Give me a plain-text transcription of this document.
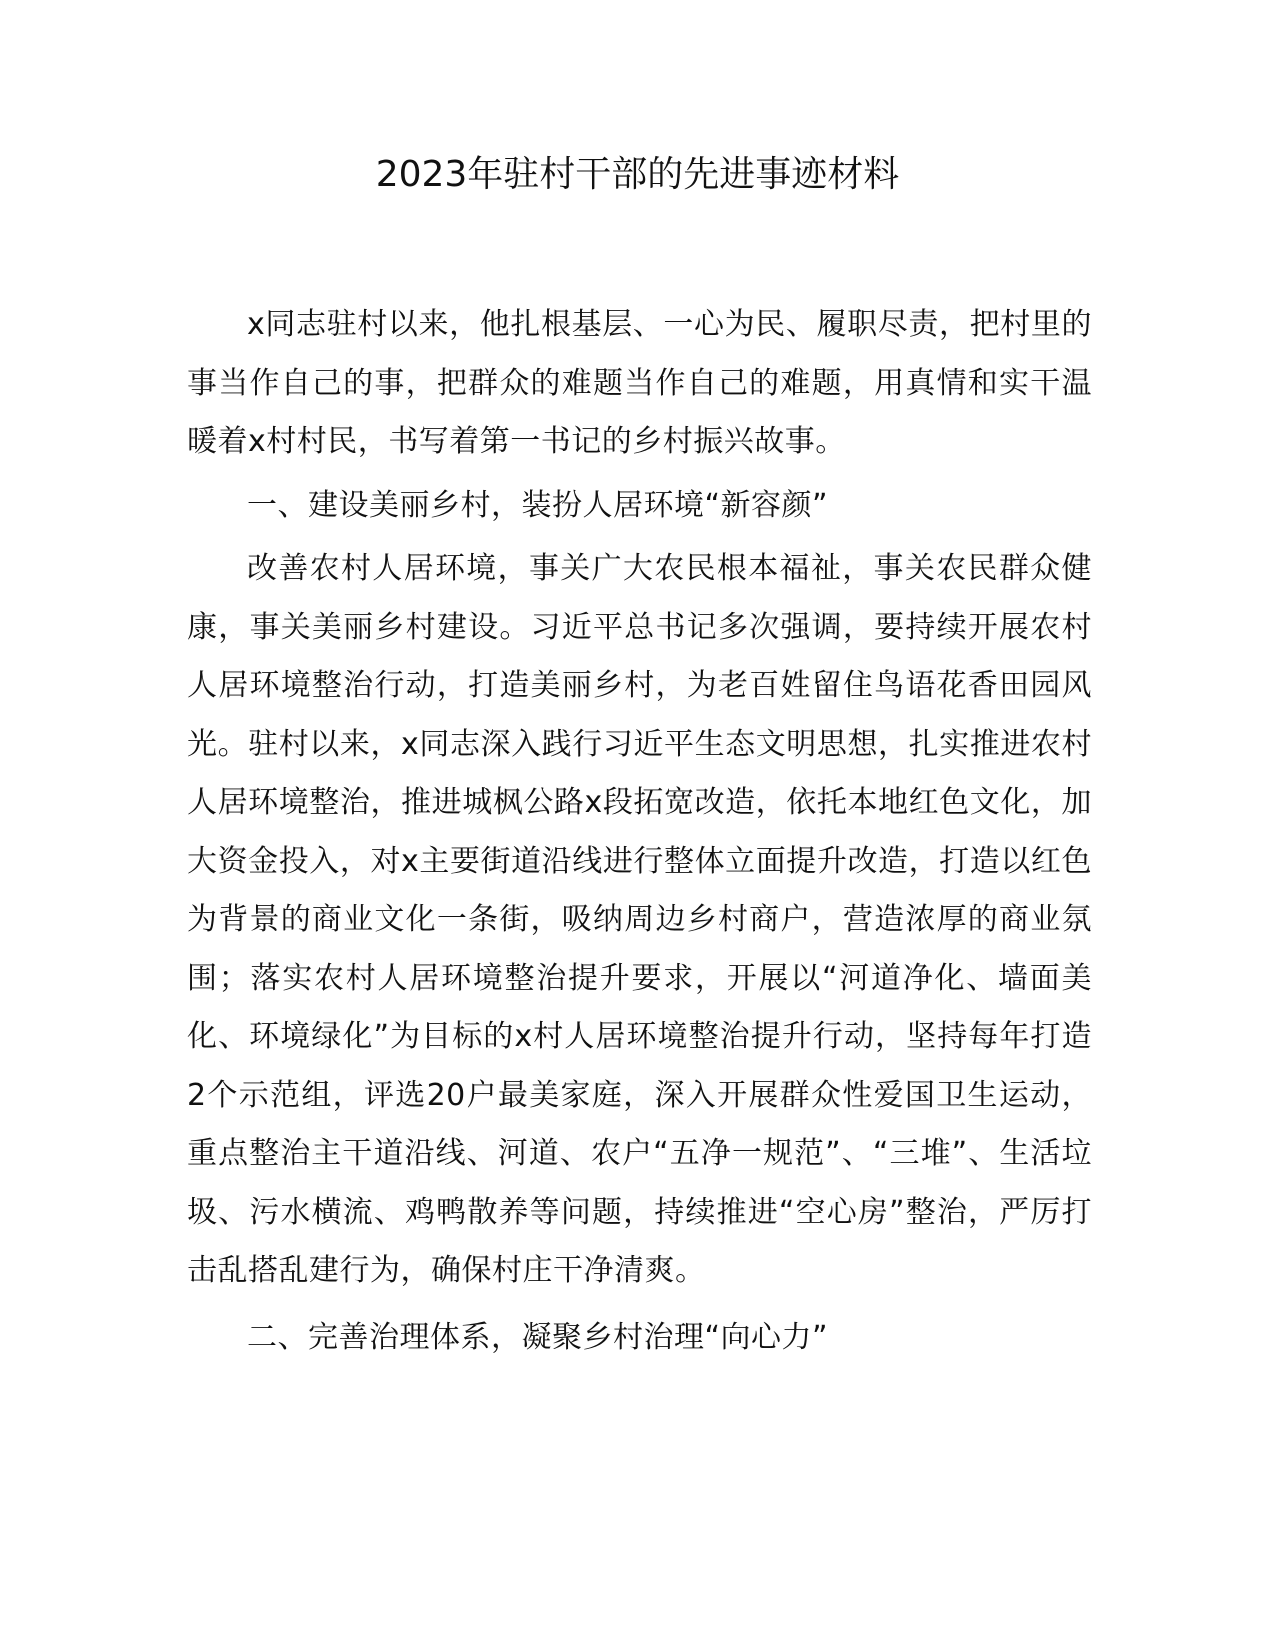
2023年驻村干部的先进事迹材料

x同志驻村以来，他扎根基层、一心为民、履职尽责，把村里的事当作自己的事，把群众的难题当作自己的难题，用真情和实干温暖着x村村民，书写着第一书记的乡村振兴故事。

一、建设美丽乡村，装扮人居环境“新容颜”

改善农村人居环境，事关广大农民根本福祉，事关农民群众健康，事关美丽乡村建设。习近平总书记多次强调，要持续开展农村人居环境整治行动，打造美丽乡村，为老百姓留住鸟语花香田园风光。驻村以来，x同志深入践行习近平生态文明思想，扎实推进农村人居环境整治，推进城枫公路x段拓宽改造，依托本地红色文化，加大资金投入，对x主要街道沿线进行整体立面提升改造，打造以红色为背景的商业文化一条街，吸纳周边乡村商户，营造浓厚的商业氛围；落实农村人居环境整治提升要求，开展以“河道净化、墙面美化、环境绿化”为目标的x村人居环境整治提升行动，坚持每年打造2个示范组，评选20户最美家庭，深入开展群众性爱国卫生运动，重点整治主干道沿线、河道、农户“五净一规范”、“三堆”、生活垃圾、污水横流、鸡鸭散养等问题，持续推进“空心房”整治，严厉打击乱搭乱建行为，确保村庄干净清爽。

二、完善治理体系，凝聚乡村治理“向心力”
